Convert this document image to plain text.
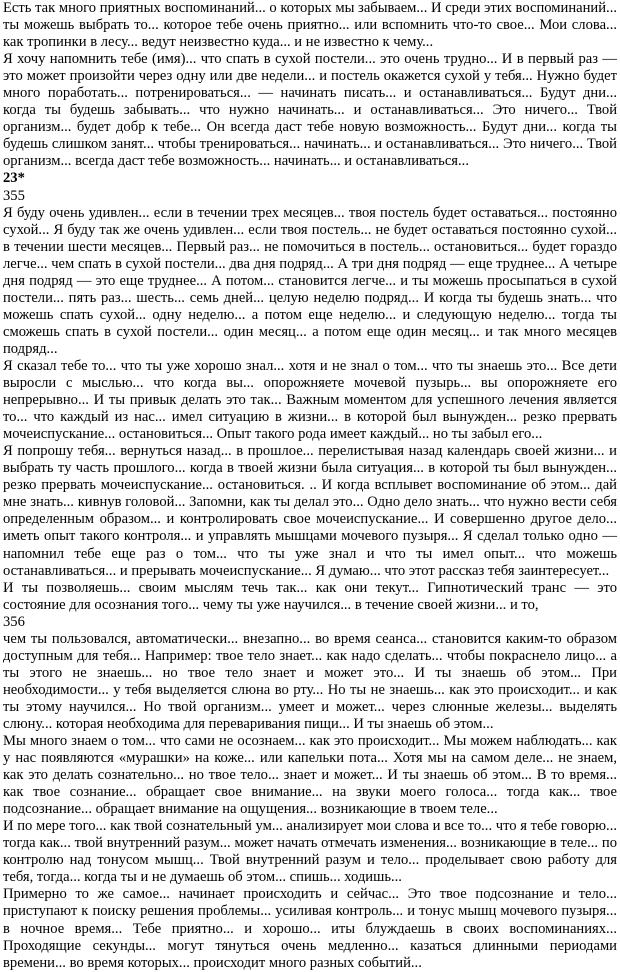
Есть так много приятных воспоминаний... о которых мы забываем... И среди этих воспоминаний... ты можешь выбрать то... которое тебе очень приятно... или вспомнить что-то свое... Мои слова... как тропинки в лесу... ведут неизвестно куда... и не известно к чему...

Я хочу напомнить тебе (имя)... что спать в сухой постели... это очень трудно... И в первый раз — это может произойти через одну или две недели... и постель окажется сухой у тебя... Нужно будет много поработать... потренироваться... — начинать писать... и останавливаться... Будут дни... когда ты будешь забывать... что нужно начинать... и останавливаться... Это ничего... Твой организм... будет добр к тебе... Он всегда даст тебе новую возможность... Будут дни... когда ты будешь слишком занят... чтобы тренироваться... начинать... и останавливаться... Это ничего... Твой организм... всегда даст тебе возможность... начинать... и останавливаться...

23*

355

Я буду очень удивлен... если в течении трех месяцев... твоя постель будет оставаться... постоянно сухой... Я буду так же очень удивлен... если твоя постель... не будет оставаться постоянно сухой... в течении шести месяцев... Первый раз... не помочиться в постель... остановиться... будет гораздо легче... чем спать в сухой постели... два дня подряд... А три дня подряд — еще труднее... А четыре дня подряд — это еще труднее... А потом... становится легче... и ты можешь просыпаться в сухой постели... пять раз... шесть... семь дней... целую неделю подряд... И когда ты будешь знать... что можешь спать сухой... одну неделю... а потом еще неделю... и следующую неделю... тогда ты сможешь спать в сухой постели... один месяц... а потом еще один месяц... и так много месяцев подряд...

Я сказал тебе то... что ты уже хорошо знал... хотя и не знал о том... что ты знаешь это... Все дети выросли с мыслью... что когда вы... опорожняете мочевой пузырь... вы опорожняете его непрерывно... И ты привык делать это так... Важным моментом для успешного лечения является то... что каждый из нас... имел ситуацию в жизни... в которой был вынужден... резко прервать мочеиспускание... остановиться... Опыт такого рода имеет каждый... но ты забыл его...

Я попрошу тебя... вернуться назад... в прошлое... перелистывая назад календарь своей жизни... и выбрать ту часть прошлого... когда в твоей жизни была ситуация... в которой ты был вынужден... резко прервать мочеиспускание... остановиться. .. И когда всплывет воспоминание об этом... дай мне знать... кивнув головой... Запомни, как ты делал это... Одно дело знать... что нужно вести себя определенным образом... и контролировать свое мочеиспускание... И совершенно другое дело... иметь опыт такого контроля... и управлять мышцами мочевого пузыря... Я сделал только одно — напомнил тебе еще раз о том... что ты уже знал и что ты имел опыт... что можешь останавливаться... и прерывать мочеиспускание... Я думаю... что этот рассказ тебя заинтересует...

И ты позволяешь... своим мыслям течь так... как они текут... Гипнотический транс — это состояние для осознания того... чему ты уже научился... в течение своей жизни... и то,

356

чем ты пользовался, автоматически... внезапно... во время сеанса... становится каким-то образом доступным для тебя... Например: твое тело знает... как надо сделать... чтобы покраснело лицо... а ты этого не знаешь... но твое тело знает и может это... И ты знаешь об этом... При необходимости... у тебя выделяется слюна во рту... Но ты не знаешь... как это происходит... и как ты этому научился... Но твой организм... умеет и может... через слюнные железы... выделять слюну... которая необходима для переваривания пищи... И ты знаешь об этом...

Мы много знаем о том... что сами не осознаем... как это происходит... Мы можем наблюдать... как у нас появляются «мурашки» на коже... или капельки пота... Хотя мы на самом деле... не знаем, как это делать сознательно... но твое тело... знает и может... И ты знаешь об этом... В то время... как твое сознание... обращает свое внимание... на звуки моего голоса... тогда как... твое подсознание... обращает внимание на ощущения... возникающие в твоем теле...

И по мере того... как твой сознательный ум... анализирует мои слова и все то... что я тебе говорю... тогда как... твой внутренний разум... может начать отмечать изменения... возникающие в теле... по контролю над тонусом мышц... Твой внутренний разум и тело... проделывает свою работу для тебя, тогда... когда ты и не думаешь об этом... спишь... ходишь...

Примерно то же самое... начинает происходить и сейчас... Это твое подсознание и тело... приступают к поиску решения проблемы... усиливая контроль... и тонус мышц мочевого пузыря... в ночное время... Тебе приятно... и хорошо... иты блуждаешь в своих воспоминаниях... Проходящие секунды... могут тянуться очень медленно... казаться длинными периодами времени... во время которых... происходит много разных событий...
